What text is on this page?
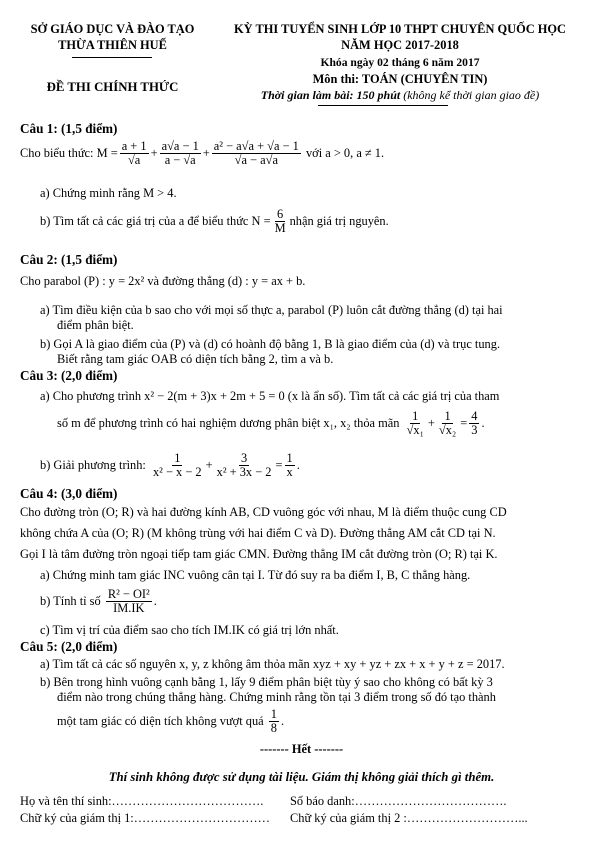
SỞ GIÁO DỤC VÀ ĐÀO TẠO
THỪA THIÊN HUẾ
ĐỀ THI CHÍNH THỨC
KỲ THI TUYỂN SINH LỚP 10 THPT CHUYÊN QUỐC HỌC
NĂM HỌC 2017-2018
Khóa ngày 02 tháng 6 năm 2017
Môn thi: TOÁN (CHUYÊN TIN)
Thời gian làm bài: 150 phút (không kể thời gian giao đề)
Câu 1: (1,5 điểm)
Cho biểu thức:
$M = \frac{a + 1}{√a} + \frac{a√a - 1}{a - √a} + \frac{\text{a² − a√a + √a − 1}}{√a - a√a}$
với a > 0, a ≠ 1.
a) Chứng minh rằng M > 4.
b) Tìm tất cả các giá trị của a để biểu thức $N = \frac{6}{M}$ nhận giá trị nguyên.
Câu 2: (1,5 điểm)
Cho parabol (P) : y = 2x² và đường thẳng (d) : y = ax + b.
a) Tìm điều kiện của b sao cho với mọi số thực a, parabol (P) luôn cắt đường thẳng (d) tại hai
điểm phân biệt.
b) Gọi A là giao điểm của (P) và (d) có hoành độ bằng 1, B là giao điểm của (d) và trục tung.
Biết rằng tam giác OAB có diện tích bằng 2, tìm a và b.
Câu 3: (2,0 điểm)
a) Cho phương trình x² − 2(m + 3)x + 2m + 5 = 0 (x là ẩn số). Tìm tất cả các giá trị của tham
số m để phương trình có hai nghiệm dương phân biệt x₁, x₂ thỏa mãn
$\frac{1}{\text{√x₁}} + \frac{1}{\text{√x₂}} = \frac{4}{3}$ .
b) Giải phương trình:
$\frac{1}{\text{x² − x − 2}} + \frac{3}{\text{x² + 3x − 2}} = \frac{1}{x}$ .
Câu 4: (3,0 điểm)
Cho đường tròn (O; R) và hai đường kính AB, CD vuông góc với nhau, M là điểm thuộc cung CD
không chứa A của (O; R) (M không trùng với hai điểm C và D). Đường thẳng AM cắt CD tại N.
Gọi I là tâm đường tròn ngoại tiếp tam giác CMN. Đường thẳng IM cắt đường tròn (O; R) tại K.
a) Chứng minh tam giác INC vuông cân tại I. Từ đó suy ra ba điểm I, B, C thẳng hàng.
b) Tính tỉ số
$\frac{\text{R² − OI²}}{IM.IK}$ .
c) Tìm vị trí của điểm sao cho tích IM.IK có giá trị lớn nhất.
Câu 5: (2,0 điểm)
a) Tìm tất cả các số nguyên x, y, z không âm thỏa mãn xyz + xy + yz + zx + x + y + z = 2017.
b) Bên trong hình vuông cạnh bằng 1, lấy 9 điểm phân biệt tùy ý sao cho không có bất kỳ 3
điểm nào trong chúng thẳng hàng. Chứng minh rằng tồn tại 3 điểm trong số đó tạo thành
một tam giác có diện tích không vượt quá
$\frac{1}{8}$ .
------- Hết -------
Thí sinh không được sử dụng tài liệu. Giám thị không giải thích gì thêm.
Họ và tên thí sinh:………………………………. Số báo danh:……………………………….
Chữ ký của giám thị 1:…………………………… Chữ ký của giám thị 2 :………………………...
